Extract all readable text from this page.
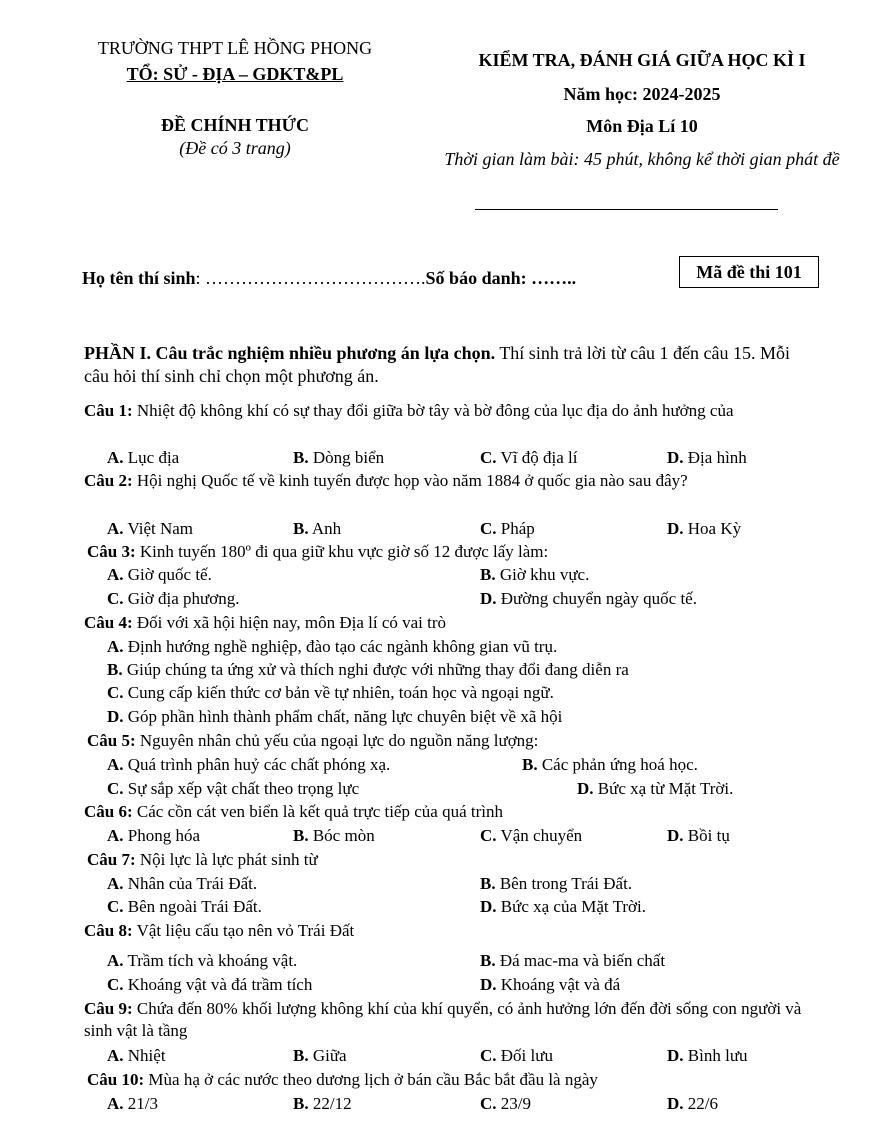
TRƯỜNG THPT LÊ HỒNG PHONG
TỔ: SỬ - ĐỊA – GDKT&PL
ĐỀ CHÍNH THỨC
(Đề có 3 trang)
KIỂM TRA, ĐÁNH GIÁ GIỮA HỌC KÌ I
Năm học: 2024-2025
Môn Địa Lí 10
Thời gian làm bài: 45 phút, không kể thời gian phát đề
Họ tên thí sinh: ……………………………….Số báo danh: ……..	Mã đề thi 101
PHẦN I. Câu trắc nghiệm nhiều phương án lựa chọn. Thí sinh trả lời từ câu 1 đến câu 15. Mỗi câu hỏi thí sinh chỉ chọn một phương án.
Câu 1: Nhiệt độ không khí có sự thay đổi giữa bờ tây và bờ đông của lục địa do ảnh hưởng của
A. Lục địa	B. Dòng biển	C. Vĩ độ địa lí	D. Địa hình
Câu 2: Hội nghị Quốc tế về kinh tuyến được họp vào năm 1884 ở quốc gia nào sau đây?
A. Việt Nam	B. Anh	C. Pháp	D. Hoa Kỳ
Câu 3: Kinh tuyến 180º đi qua giữ khu vực giờ số 12 được lấy làm:
A. Giờ quốc tế.	B. Giờ khu vực.
C. Giờ địa phương.	D. Đường chuyển ngày quốc tế.
Câu 4: Đối với xã hội hiện nay, môn Địa lí có vai trò
A. Định hướng nghề nghiệp, đào tạo các ngành không gian vũ trụ.
B. Giúp chúng ta ứng xử và thích nghi được với những thay đổi đang diễn ra
C. Cung cấp kiến thức cơ bản về tự nhiên, toán học và ngoại ngữ.
D. Góp phần hình thành phẩm chất, năng lực chuyên biệt về xã hội
Câu 5: Nguyên nhân chủ yếu của ngoại lực do nguồn năng lượng:
A. Quá trình phân huỷ các chất phóng xạ.	B. Các phản ứng hoá học.
C. Sự sắp xếp vật chất theo trọng lực	D. Bức xạ từ Mặt Trời.
Câu 6: Các cồn cát ven biển là kết quả trực tiếp của quá trình
A. Phong hóa	B. Bóc mòn	C. Vận chuyển	D. Bồi tụ
Câu 7: Nội lực là lực phát sinh từ
A. Nhân của Trái Đất.	B. Bên trong Trái Đất.
C. Bên ngoài Trái Đất.	D. Bức xạ của Mặt Trời.
Câu 8: Vật liệu cấu tạo nên vỏ Trái Đất
A. Trầm tích và khoáng vật.	B. Đá mac-ma và biến chất
C. Khoáng vật và đá trầm tích	D. Khoáng vật và đá
Câu 9: Chứa đến 80% khối lượng không khí của khí quyển, có ảnh hưởng lớn đến đời sống con người và sinh vật là tầng
A. Nhiệt	B. Giữa	C. Đối lưu	D. Bình lưu
Câu 10: Mùa hạ ở các nước theo dương lịch ở bán cầu Bắc bắt đầu là ngày
A. 21/3	B. 22/12	C. 23/9	D. 22/6
